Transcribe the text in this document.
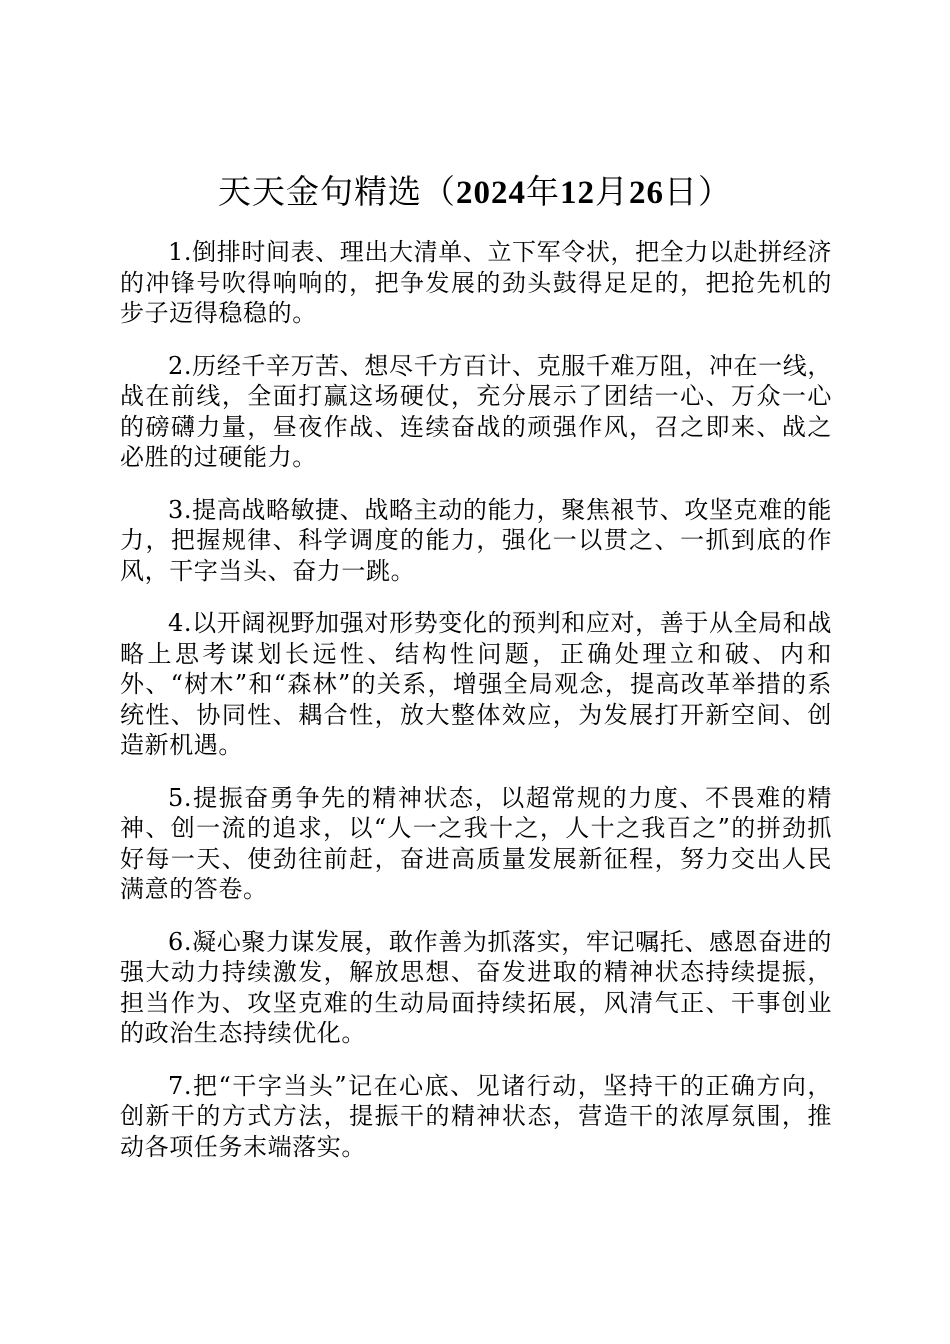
天天金句精选（2024年12月26日）

1.倒排时间表、理出大清单、立下军令状，把全力以赴拼经济的冲锋号吹得响响的，把争发展的劲头鼓得足足的，把抢先机的步子迈得稳稳的。

2.历经千辛万苦、想尽千方百计、克服千难万阻，冲在一线，战在前线，全面打赢这场硬仗，充分展示了团结一心、万众一心的磅礴力量，昼夜作战、连续奋战的顽强作风，召之即来、战之必胜的过硬能力。

3.提高战略敏捷、战略主动的能力，聚焦裉节、攻坚克难的能力，把握规律、科学调度的能力，强化一以贯之、一抓到底的作风，干字当头、奋力一跳。

4.以开阔视野加强对形势变化的预判和应对，善于从全局和战略上思考谋划长远性、结构性问题，正确处理立和破、内和外、“树木”和“森林”的关系，增强全局观念，提高改革举措的系统性、协同性、耦合性，放大整体效应，为发展打开新空间、创造新机遇。

5.提振奋勇争先的精神状态，以超常规的力度、不畏难的精神、创一流的追求，以“人一之我十之，人十之我百之”的拼劲抓好每一天、使劲往前赶，奋进高质量发展新征程，努力交出人民满意的答卷。

6.凝心聚力谋发展，敢作善为抓落实，牢记嘱托、感恩奋进的强大动力持续激发，解放思想、奋发进取的精神状态持续提振，担当作为、攻坚克难的生动局面持续拓展，风清气正、干事创业的政治生态持续优化。

7.把“干字当头”记在心底、见诸行动，坚持干的正确方向，创新干的方式方法，提振干的精神状态，营造干的浓厚氛围，推动各项任务末端落实。
